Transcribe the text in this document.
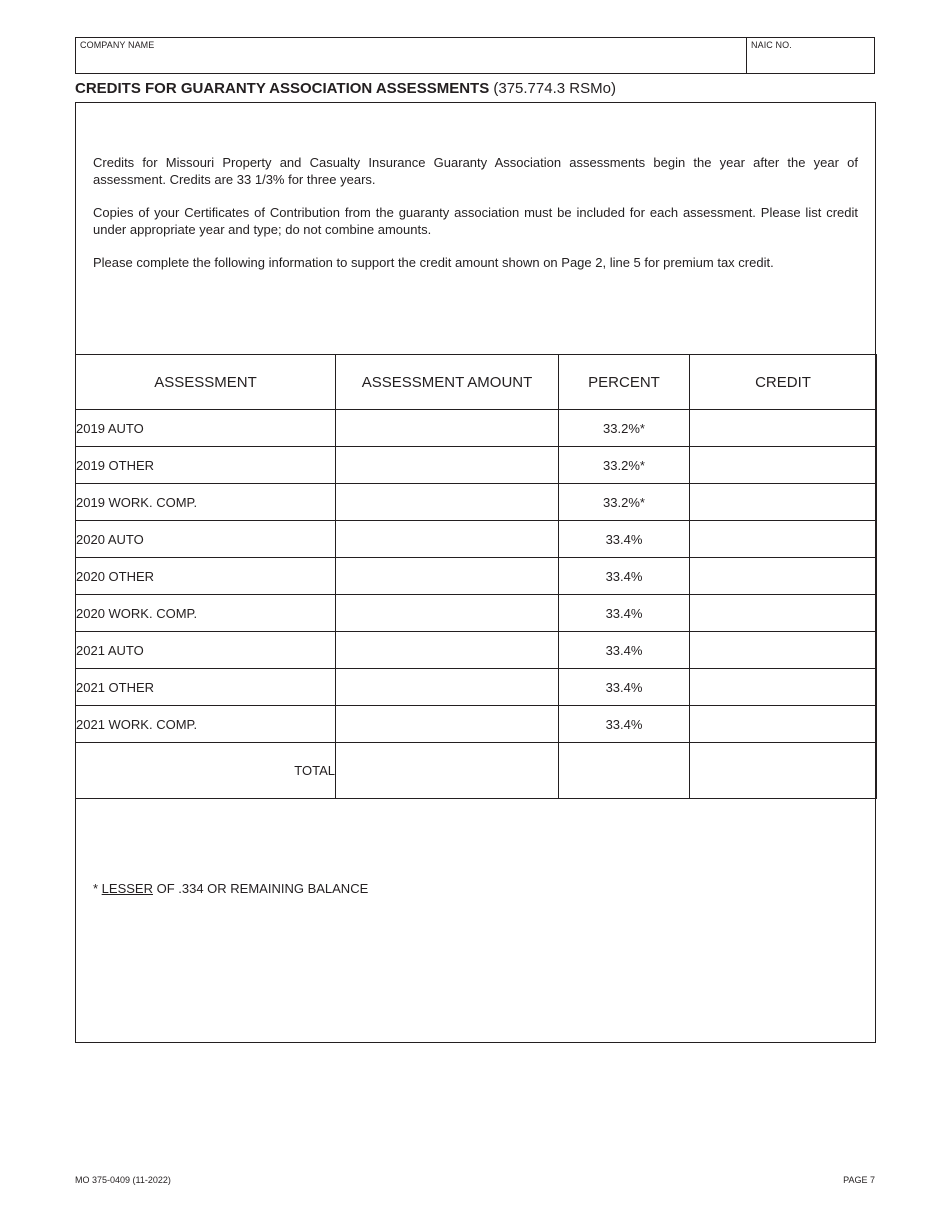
COMPANY NAME	NAIC NO.
CREDITS FOR GUARANTY ASSOCIATION ASSESSMENTS (375.774.3 RSMo)

Credits for Missouri Property and Casualty Insurance Guaranty Association assessments begin the year after the year of assessment. Credits are 33 1/3% for three years.

Copies of your Certificates of Contribution from the guaranty association must be included for each assessment. Please list credit under appropriate year and type; do not combine amounts.

Please complete the following information to support the credit amount shown on Page 2, line 5 for premium tax credit.

ASSESSMENT	ASSESSMENT AMOUNT	PERCENT	CREDIT
2019 AUTO		33.2%*	
2019 OTHER		33.2%*	
2019 WORK. COMP.		33.2%*	
2020 AUTO		33.4%	
2020 OTHER		33.4%	
2020 WORK. COMP.		33.4%	
2021 AUTO		33.4%	
2021 OTHER		33.4%	
2021 WORK. COMP.		33.4%	
TOTAL			
* LESSER OF .334 OR REMAINING BALANCE
MO 375-0409 (11-2022)	PAGE 7
